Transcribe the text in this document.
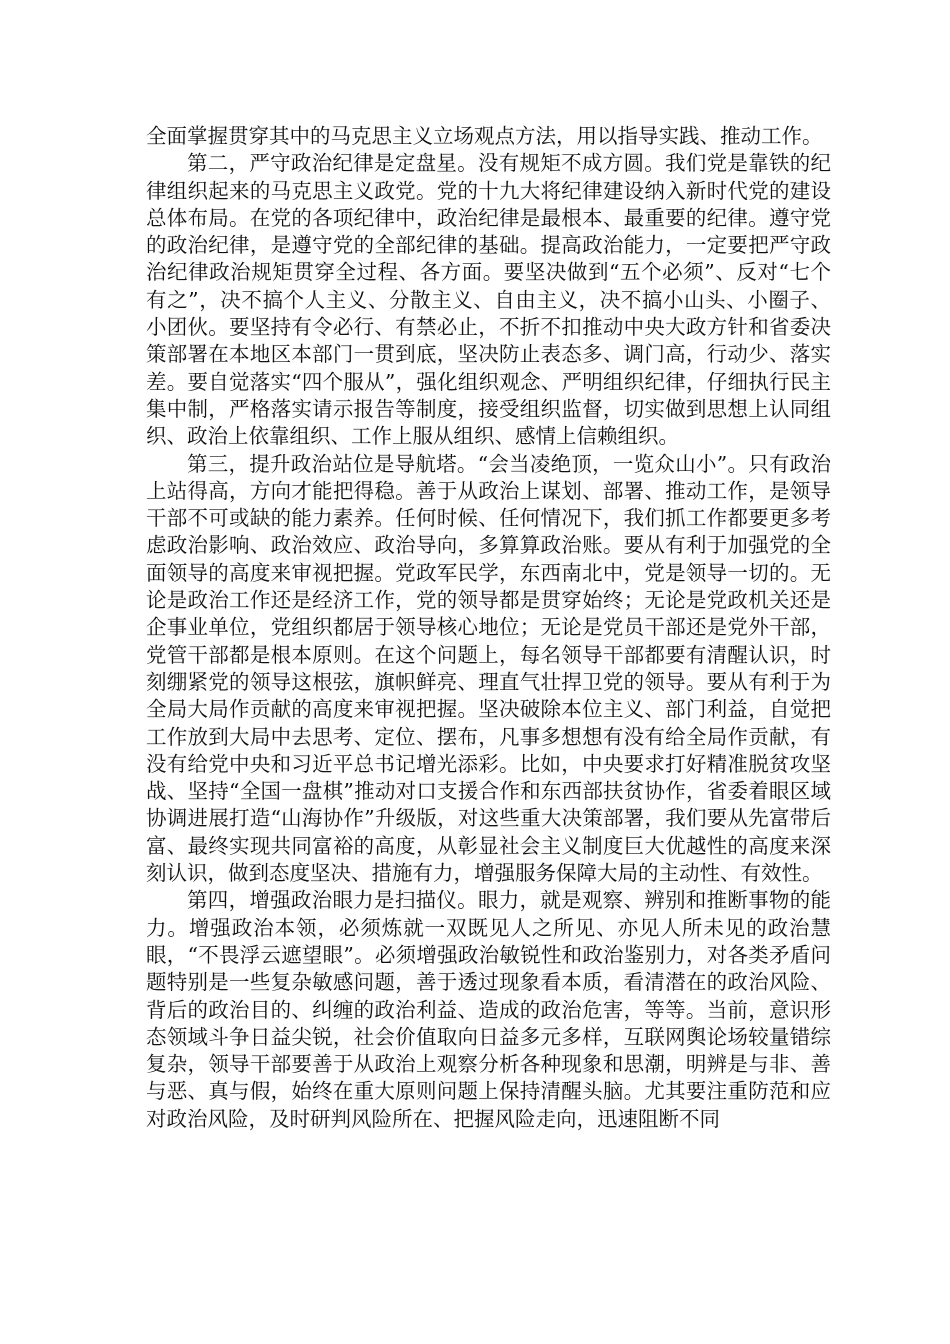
全面掌握贯穿其中的马克思主义立场观点方法，用以指导实践、推动工作。

第二，严守政治纪律是定盘星。没有规矩不成方圆。我们党是靠铁的纪律组织起来的马克思主义政党。党的十九大将纪律建设纳入新时代党的建设总体布局。在党的各项纪律中，政治纪律是最根本、最重要的纪律。遵守党的政治纪律，是遵守党的全部纪律的基础。提高政治能力，一定要把严守政治纪律政治规矩贯穿全过程、各方面。要坚决做到“五个必须”、反对“七个有之”，决不搞个人主义、分散主义、自由主义，决不搞小山头、小圈子、小团伙。要坚持有令必行、有禁必止，不折不扣推动中央大政方针和省委决策部署在本地区本部门一贯到底，坚决防止表态多、调门高，行动少、落实差。要自觉落实“四个服从”，强化组织观念、严明组织纪律，仔细执行民主集中制，严格落实请示报告等制度，接受组织监督，切实做到思想上认同组织、政治上依靠组织、工作上服从组织、感情上信赖组织。

第三，提升政治站位是导航塔。“会当凌绝顶，一览众山小”。只有政治上站得高，方向才能把得稳。善于从政治上谋划、部署、推动工作，是领导干部不可或缺的能力素养。任何时候、任何情况下，我们抓工作都要更多考虑政治影响、政治效应、政治导向，多算算政治账。要从有利于加强党的全面领导的高度来审视把握。党政军民学，东西南北中，党是领导一切的。无论是政治工作还是经济工作，党的领导都是贯穿始终；无论是党政机关还是企事业单位，党组织都居于领导核心地位；无论是党员干部还是党外干部，党管干部都是根本原则。在这个问题上，每名领导干部都要有清醒认识，时刻绷紧党的领导这根弦，旗帜鲜亮、理直气壮捍卫党的领导。要从有利于为全局大局作贡献的高度来审视把握。坚决破除本位主义、部门利益，自觉把工作放到大局中去思考、定位、摆布，凡事多想想有没有给全局作贡献，有没有给党中央和习近平总书记增光添彩。比如，中央要求打好精准脱贫攻坚战、坚持“全国一盘棋”推动对口支援合作和东西部扶贫协作，省委着眼区域协调进展打造“山海协作”升级版，对这些重大决策部署，我们要从先富带后富、最终实现共同富裕的高度，从彰显社会主义制度巨大优越性的高度来深刻认识，做到态度坚决、措施有力，增强服务保障大局的主动性、有效性。

第四，增强政治眼力是扫描仪。眼力，就是观察、辨别和推断事物的能力。增强政治本领，必须炼就一双既见人之所见、亦见人所未见的政治慧眼，“不畏浮云遮望眼”。必须增强政治敏锐性和政治鉴别力，对各类矛盾问题特别是一些复杂敏感问题，善于透过现象看本质，看清潜在的政治风险、背后的政治目的、纠缠的政治利益、造成的政治危害，等等。当前，意识形态领域斗争日益尖锐，社会价值取向日益多元多样，互联网舆论场较量错综复杂，领导干部要善于从政治上观察分析各种现象和思潮，明辨是与非、善与恶、真与假，始终在重大原则问题上保持清醒头脑。尤其要注重防范和应对政治风险，及时研判风险所在、把握风险走向，迅速阻断不同
